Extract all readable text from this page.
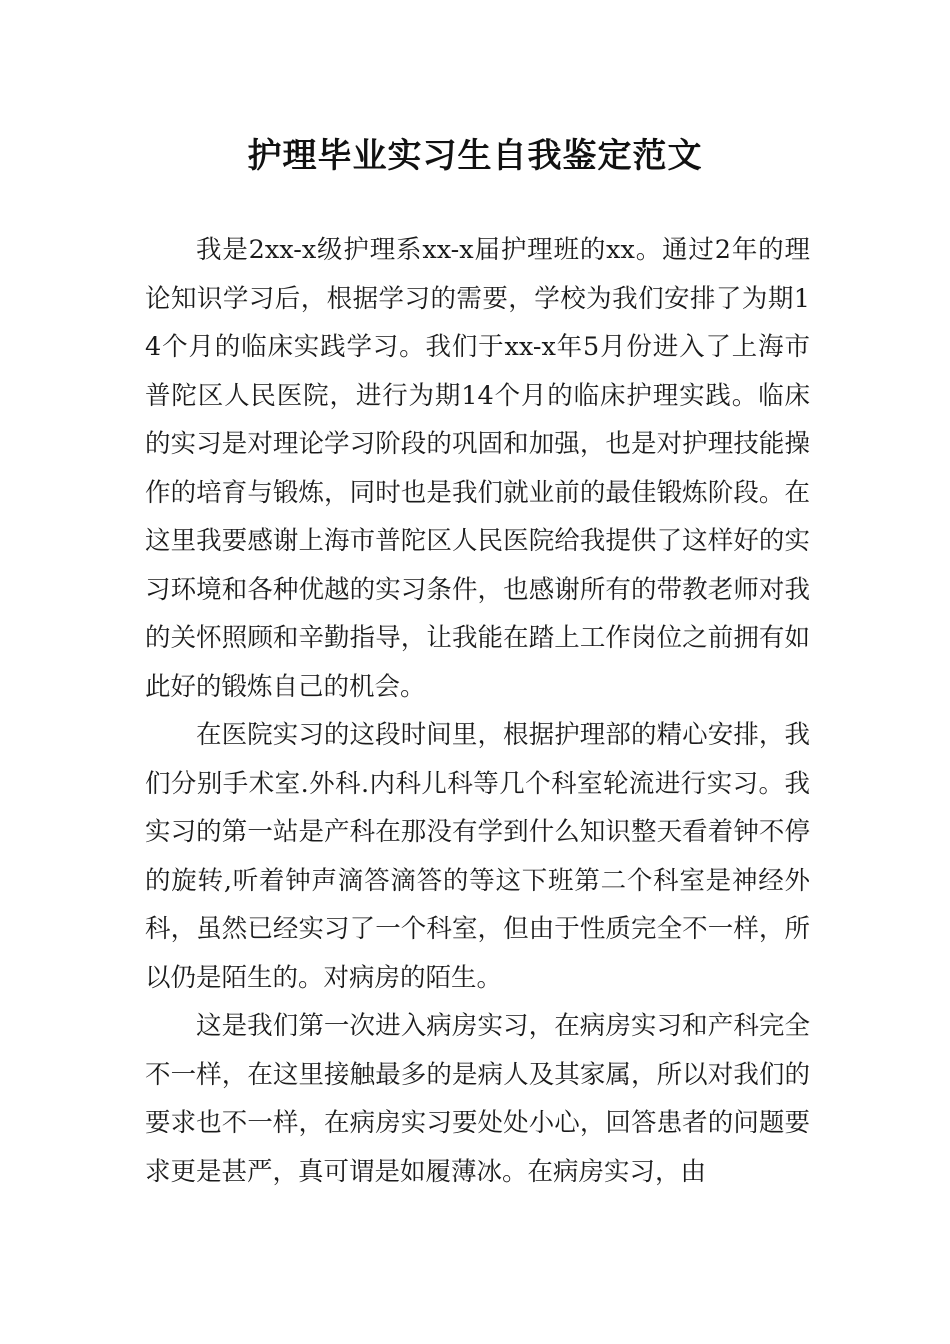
护理毕业实习生自我鉴定范文

我是2xx-x级护理系xx-x届护理班的xx。通过2年的理论知识学习后，根据学习的需要，学校为我们安排了为期14个月的临床实践学习。我们于xx-x年5月份进入了上海市普陀区人民医院，进行为期14个月的临床护理实践。临床的实习是对理论学习阶段的巩固和加强，也是对护理技能操作的培育与锻炼，同时也是我们就业前的最佳锻炼阶段。在这里我要感谢上海市普陀区人民医院给我提供了这样好的实习环境和各种优越的实习条件，也感谢所有的带教老师对我的关怀照顾和辛勤指导，让我能在踏上工作岗位之前拥有如此好的锻炼自己的机会。

在医院实习的这段时间里，根据护理部的精心安排，我们分别手术室.外科.内科儿科等几个科室轮流进行实习。我实习的第一站是产科在那没有学到什么知识整天看着钟不停的旋转,听着钟声滴答滴答的等这下班第二个科室是神经外科，虽然已经实习了一个科室，但由于性质完全不一样，所以仍是陌生的。对病房的陌生。

这是我们第一次进入病房实习，在病房实习和产科完全不一样，在这里接触最多的是病人及其家属，所以对我们的要求也不一样，在病房实习要处处小心，回答患者的问题要求更是甚严，真可谓是如履薄冰。在病房实习，由
